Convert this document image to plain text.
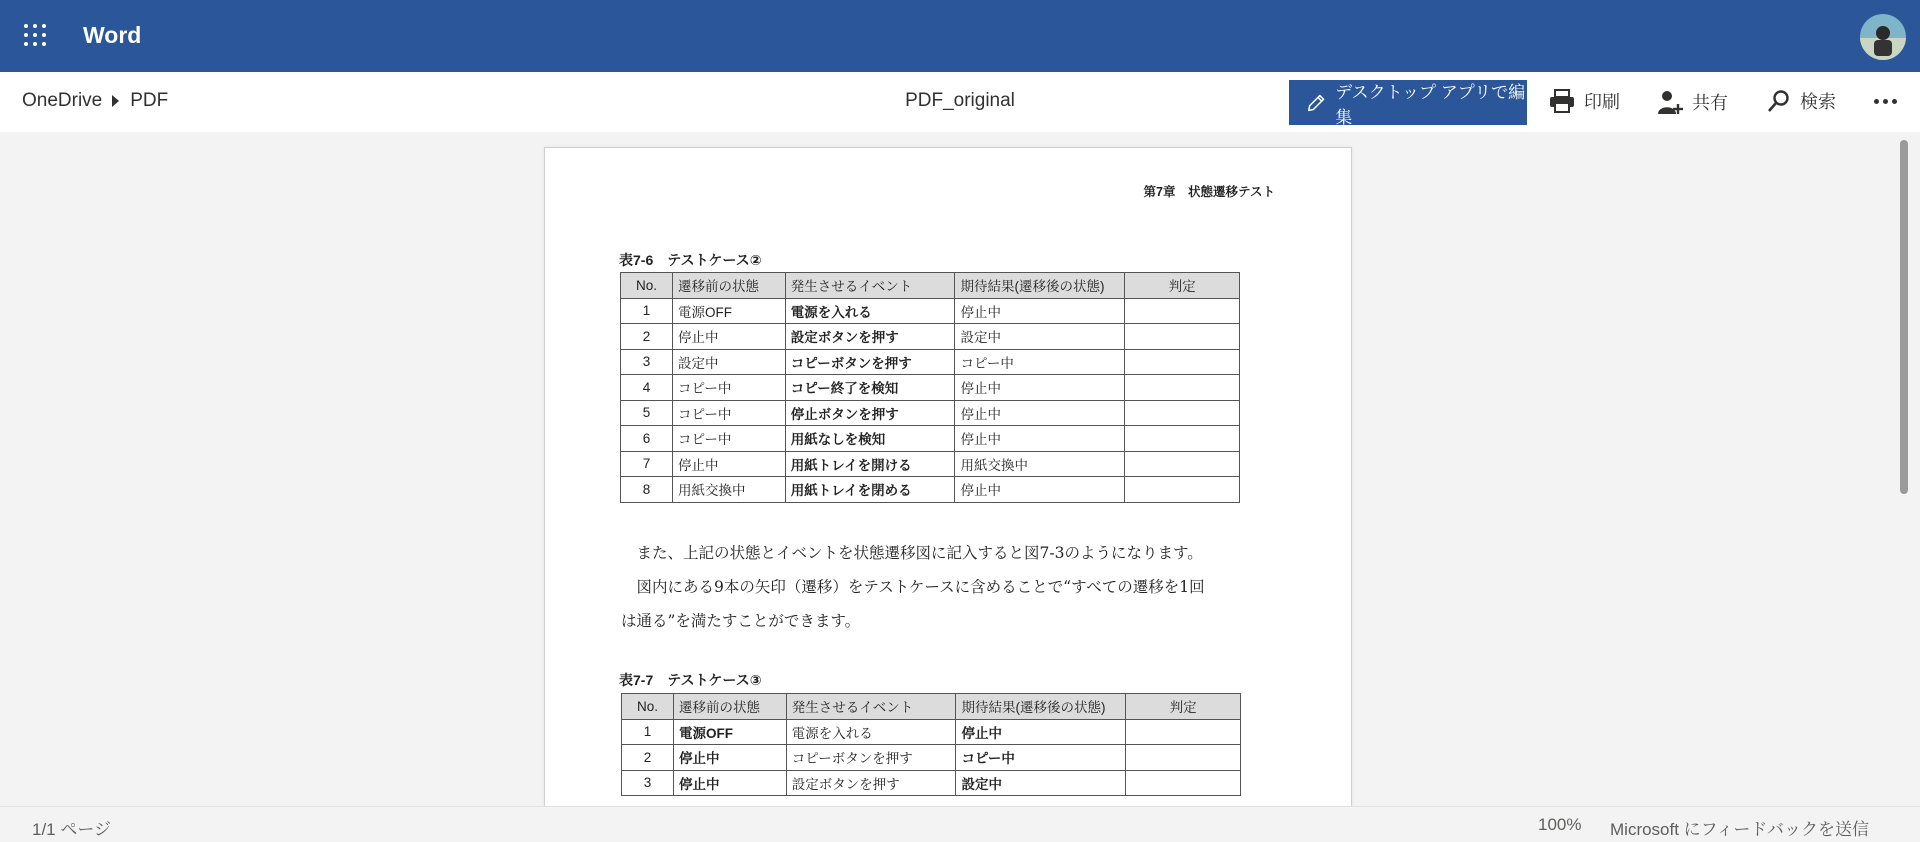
Word
OneDrive PDF	PDF_original	デスクトップ アプリで編集
印刷	共有	検索
第7章　状態遷移テスト
表7-6　テストケース②
No.	遷移前の状態	発生させるイベント	期待結果(遷移後の状態)	判定
1	電源OFF	電源を入れる	停止中	
2	停止中	設定ボタンを押す	設定中	
3	設定中	コピーボタンを押す	コピー中	
4	コピー中	コピー終了を検知	停止中	
5	コピー中	停止ボタンを押す	停止中	
6	コピー中	用紙なしを検知	停止中	
7	停止中	用紙トレイを開ける	用紙交換中	
8	用紙交換中	用紙トレイを閉める	停止中	

　また、上記の状態とイベントを状態遷移図に記入すると図7-3のようになります。

　図内にある9本の矢印（遷移）をテストケースに含めることで“すべての遷移を1回

は通る”を満たすことができます。

表7-7　テストケース③
No.	遷移前の状態	発生させるイベント	期待結果(遷移後の状態)	判定
1	電源OFF	電源を入れる	停止中	
2	停止中	コピーボタンを押す	コピー中	
3	停止中	設定ボタンを押す	設定中	
1/1 ページ	100% Microsoft にフィードバックを送信
